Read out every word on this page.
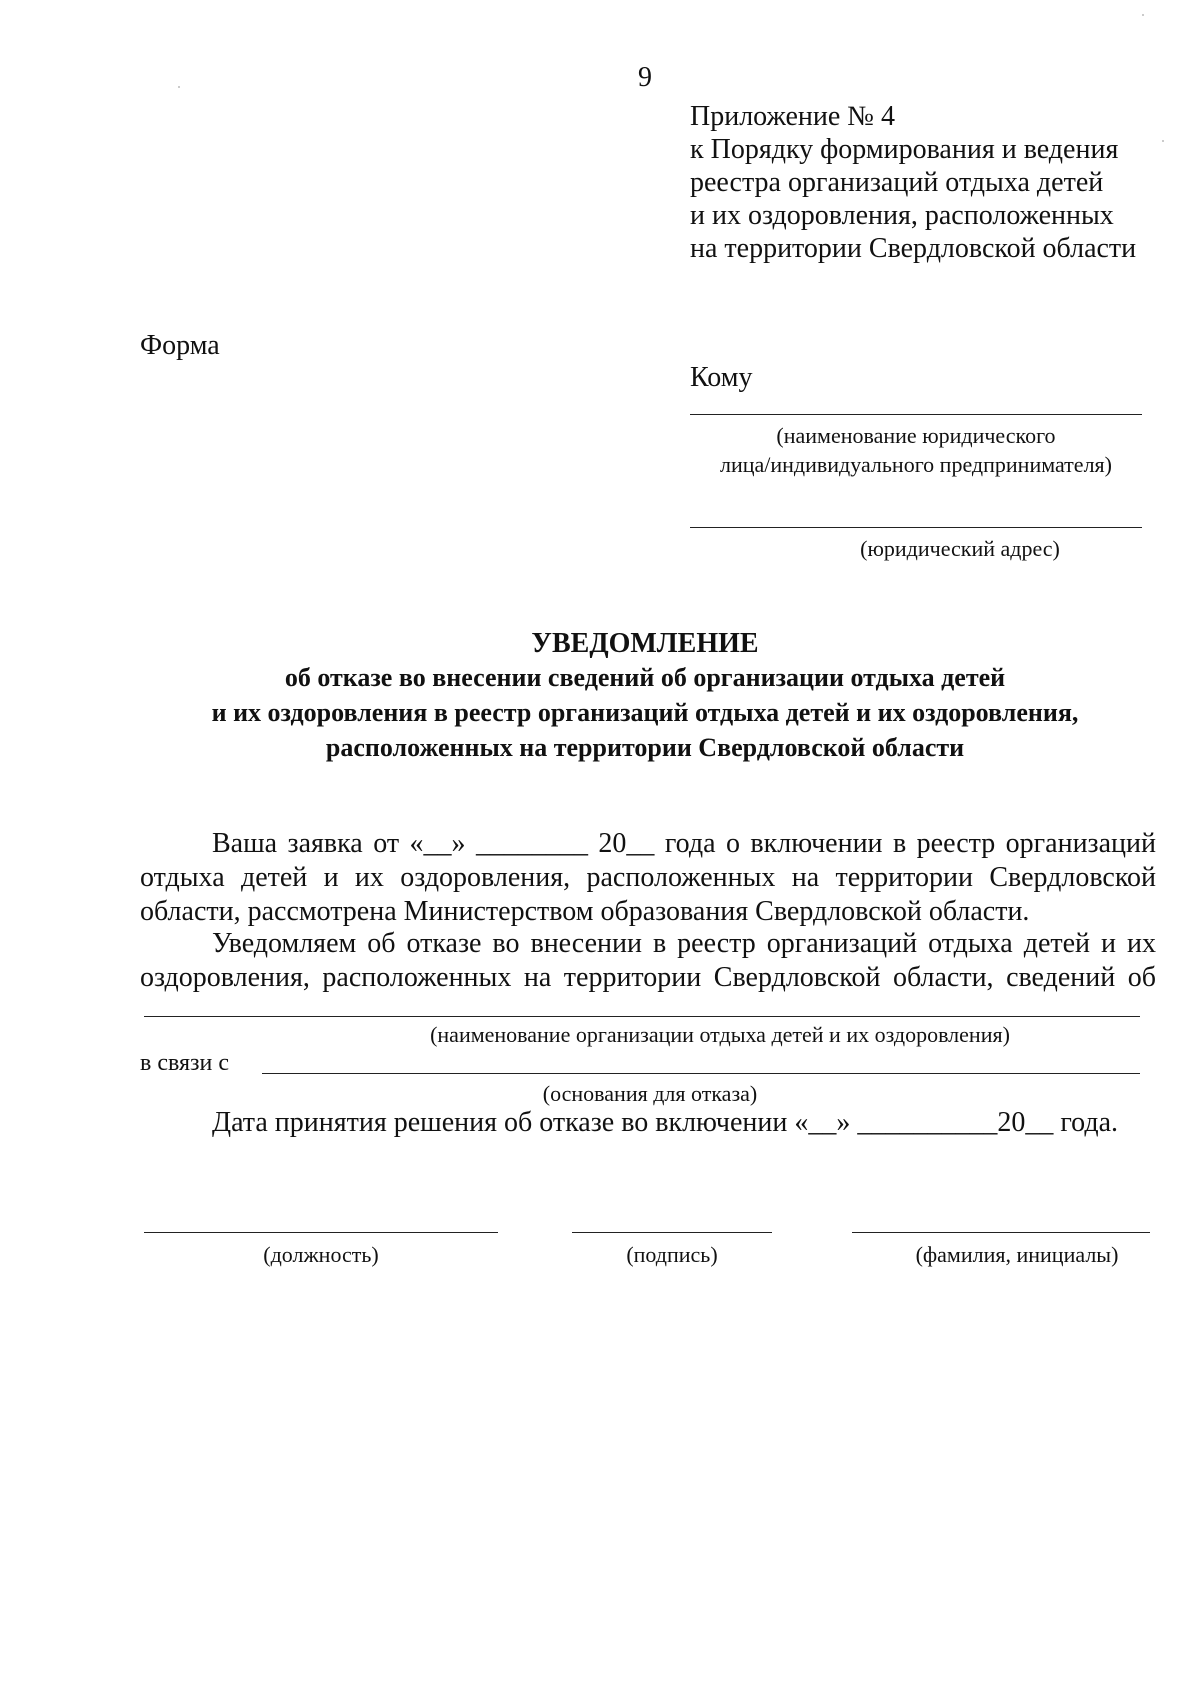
9
Приложение № 4
к Порядку формирования и ведения
реестра организаций отдыха детей
и их оздоровления, расположенных
на территории Свердловской области
Форма
Кому
(наименование юридического
лица/индивидуального предпринимателя)
(юридический адрес)
УВЕДОМЛЕНИЕ
об отказе во внесении сведений об организации отдыха детей
и их оздоровления в реестр организаций отдыха детей и их оздоровления,
расположенных на территории Свердловской области
Ваша заявка от «__» ________ 20__ года о включении в реестр организаций
отдыха детей и их оздоровления, расположенных на территории Свердловской
области, рассмотрена Министерством образования Свердловской области.
Уведомляем об отказе во внесении в реестр организаций отдыха детей и их
оздоровления, расположенных на территории Свердловской области, сведений об
(наименование организации отдыха детей и их оздоровления)
в связи с
(основания для отказа)
Дата принятия решения об отказе во включении «__» __________20__ года.
(должность)	(подпись)	(фамилия, инициалы)
